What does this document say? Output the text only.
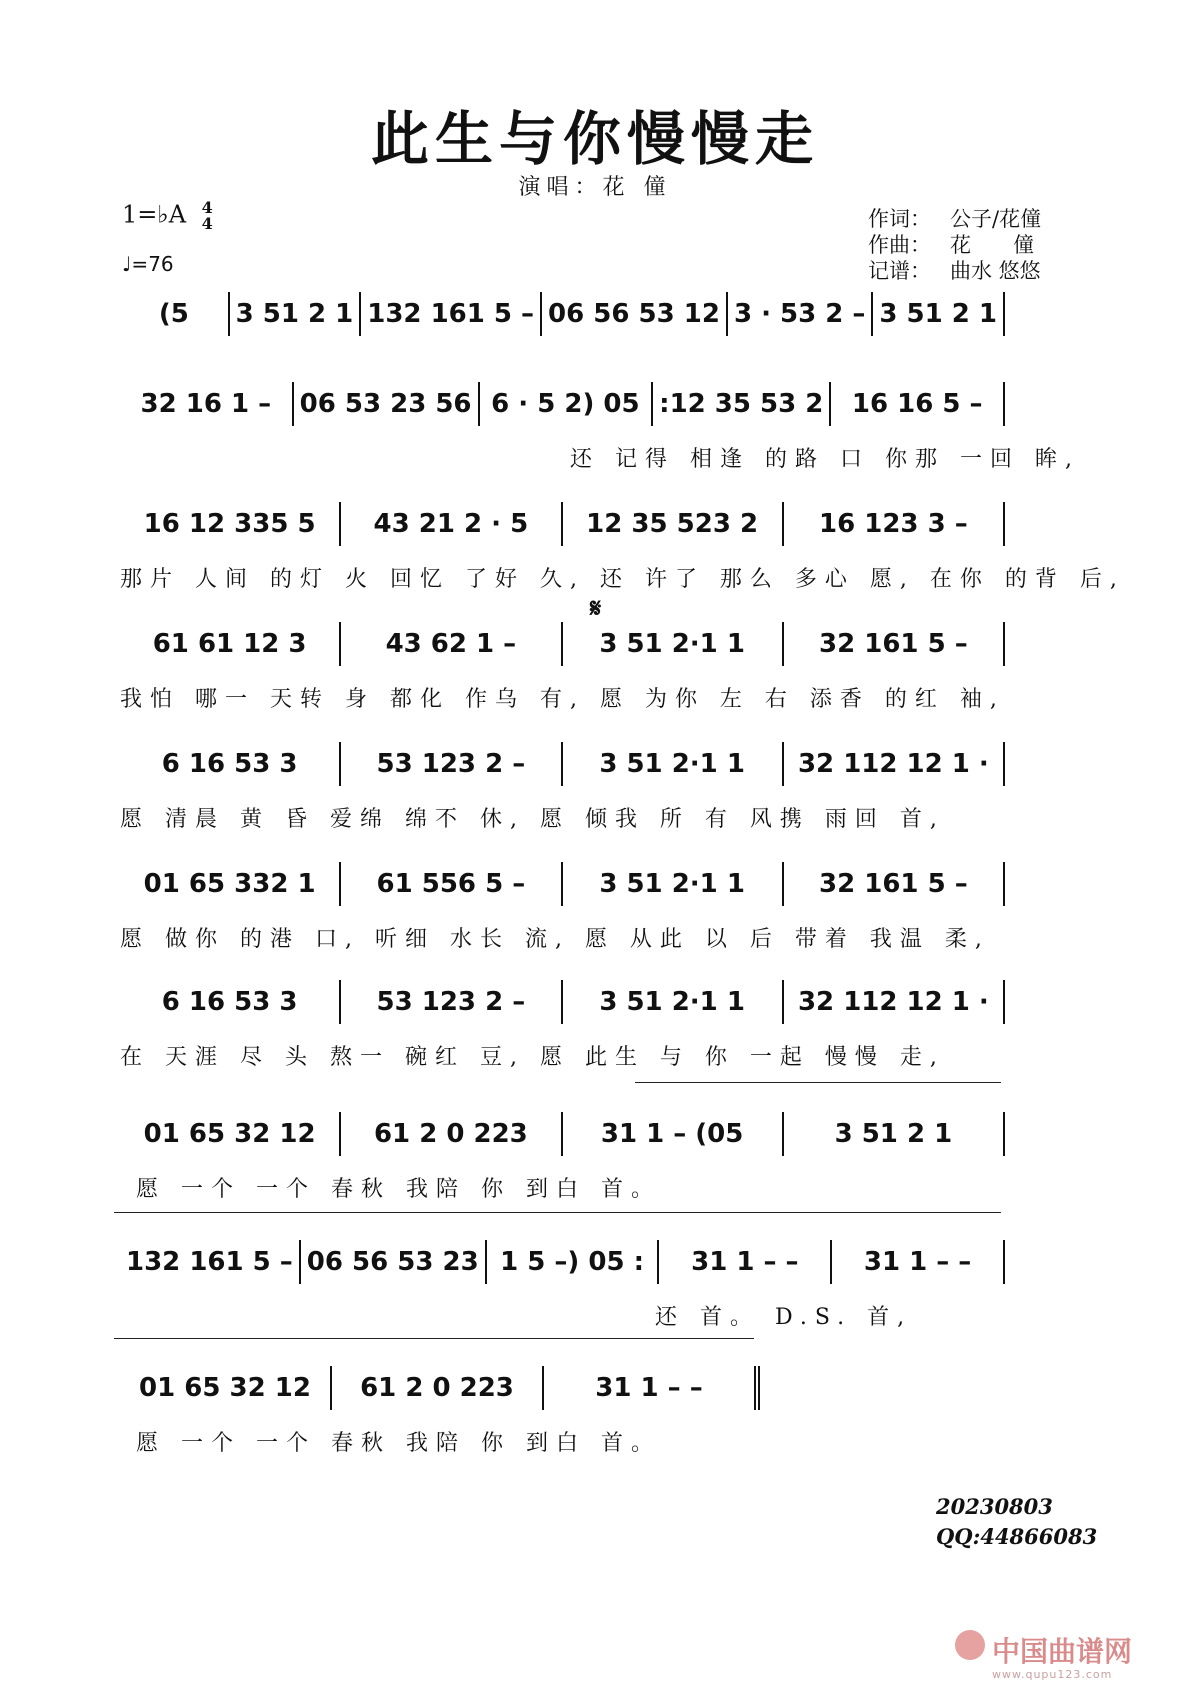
此生与你慢慢走
演唱：花 僮
1=♭A 4
4
♩=76
作词： 公子/花僮
作曲： 花　　僮
记谱： 曲水 悠悠
𝄋
(5	3 51 2 1 132 161 5 – 06 56 53 12 3 · 53 2 – 3 51 2 1
32 16 1 –	06 53 23 56 6 · 5 2) 05 :12 35 53 2	16 16 5 –
还 记得 相逢 的路 口 你那 一回 眸,
16 12 335 5	43 21 2 · 5	12 35 523 2	16 123 3 –
那片 人间 的灯 火 回忆 了好 久, 还 许了 那么 多心 愿, 在你 的背 后,
61 61 12 3	43 62 1 –	3 51 2·1 1	32 161 5 –
我怕 哪一 天转 身 都化 作乌 有, 愿 为你 左 右 添香 的红 袖,
6 16 53 3	53 123 2 –	3 51 2·1 1	32 112 12 1 ·
愿 清晨 黄 昏 爱绵 绵不 休, 愿 倾我 所 有 风携 雨回 首,
01 65 332 1	61 556 5 –	3 51 2·1 1	32 161 5 –
愿 做你 的港 口, 听细 水长 流, 愿 从此 以 后 带着 我温 柔,
6 16 53 3	53 123 2 –	3 51 2·1 1	32 112 12 1 ·
在 天涯 尽 头 熬一 碗红 豆, 愿 此生 与 你 一起 慢慢 走,
01 65 32 12	61 2 0 223	31 1 – (05	3 51 2 1
愿 一个 一个 春秋 我陪 你 到白 首。
132 161 5 – 06 56 53 23 1 5 –) 05 :	31 1 – –	31 1 – –
还 首。 D.S. 首,
01 65 32 12	61 2 0 223	31 1 – –
愿 一个 一个 春秋 我陪 你 到白 首。
20230803
QQ:44866083
中国曲谱网
www.qupu123.com
